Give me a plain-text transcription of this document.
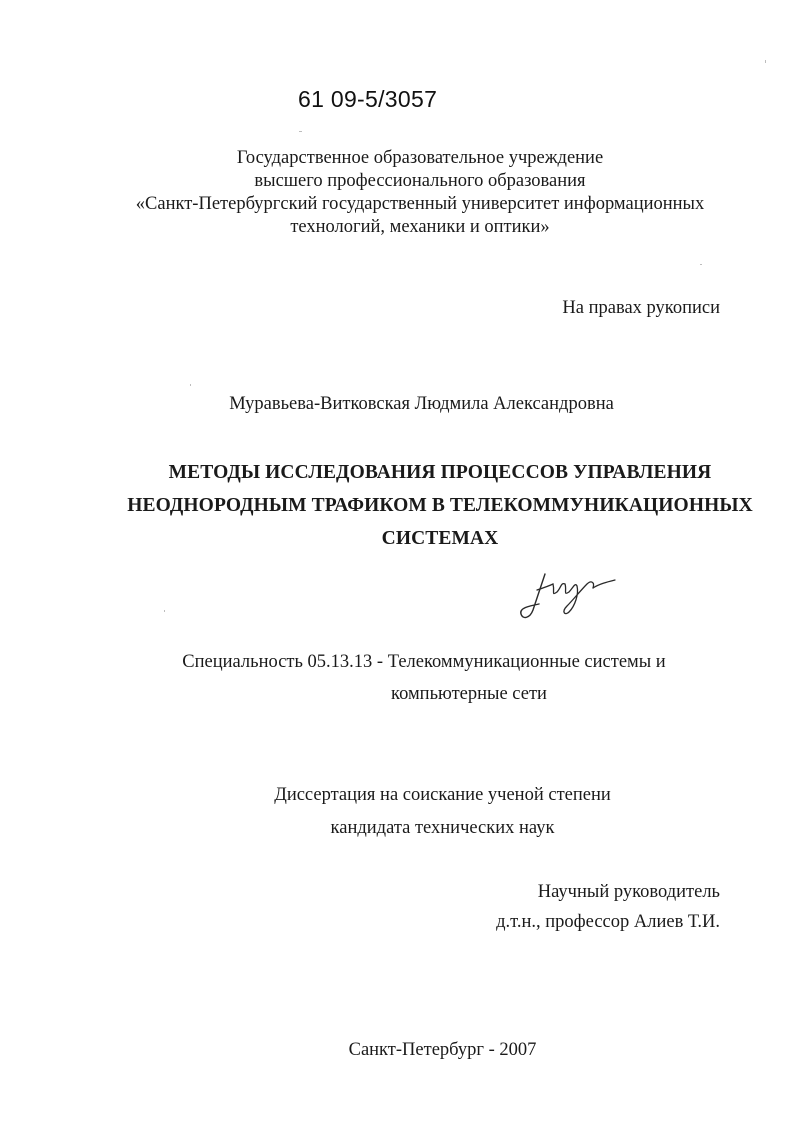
61 09-5/3057
Государственное образовательное учреждение
высшего профессионального образования
«Санкт-Петербургский государственный университет информационных
технологий, механики и оптики»
На правах рукописи
Муравьева-Витковская Людмила Александровна
МЕТОДЫ ИССЛЕДОВАНИЯ ПРОЦЕССОВ УПРАВЛЕНИЯ
НЕОДНОРОДНЫМ ТРАФИКОМ В ТЕЛЕКОММУНИКАЦИОННЫХ
СИСТЕМАХ
Специальность 05.13.13 - Телекоммуникационные системы и
компьютерные сети
Диссертация на соискание ученой степени
кандидата технических наук
Научный руководитель
д.т.н., профессор Алиев Т.И.
Санкт-Петербург - 2007
